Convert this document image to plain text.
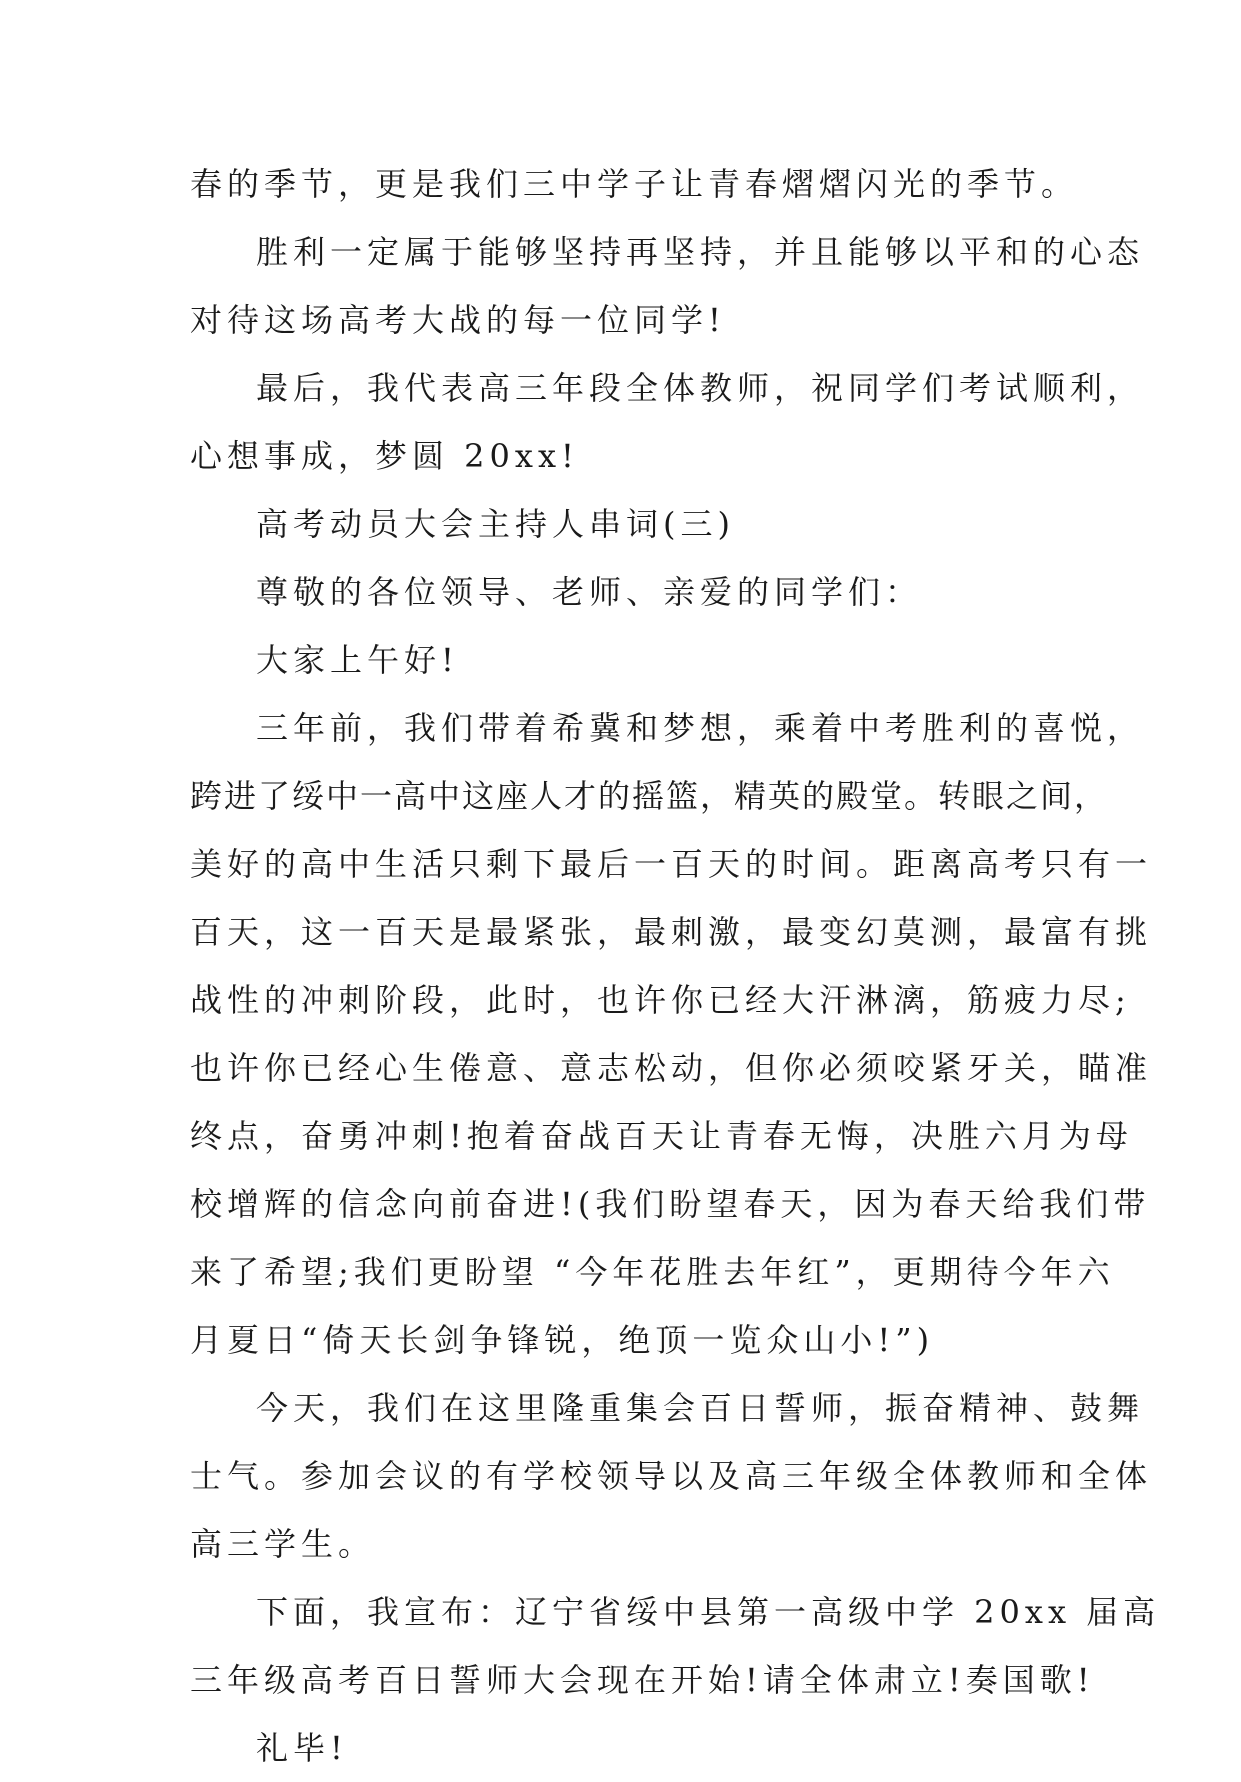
春的季节，更是我们三中学子让青春熠熠闪光的季节。
胜利一定属于能够坚持再坚持，并且能够以平和的心态
对待这场高考大战的每一位同学!
最后，我代表高三年段全体教师，祝同学们考试顺利，
心想事成，梦圆 20xx!
高考动员大会主持人串词(三)
尊敬的各位领导、老师、亲爱的同学们：
大家上午好!
三年前，我们带着希冀和梦想，乘着中考胜利的喜悦，
跨进了绥中一高中这座人才的摇篮，精英的殿堂。转眼之间，
美好的高中生活只剩下最后一百天的时间。距离高考只有一
百天，这一百天是最紧张，最刺激，最变幻莫测，最富有挑
战性的冲刺阶段，此时，也许你已经大汗淋漓，筋疲力尽;
也许你已经心生倦意、意志松动，但你必须咬紧牙关，瞄准
终点，奋勇冲刺!抱着奋战百天让青春无悔，决胜六月为母
校增辉的信念向前奋进!(我们盼望春天，因为春天给我们带
来了希望;我们更盼望 “今年花胜去年红”，更期待今年六
月夏日“倚天长剑争锋锐，绝顶一览众山小!”)
今天，我们在这里隆重集会百日誓师，振奋精神、鼓舞
士气。参加会议的有学校领导以及高三年级全体教师和全体
高三学生。
下面，我宣布：辽宁省绥中县第一高级中学 20xx 届高
三年级高考百日誓师大会现在开始!请全体肃立!奏国歌!
礼毕!
